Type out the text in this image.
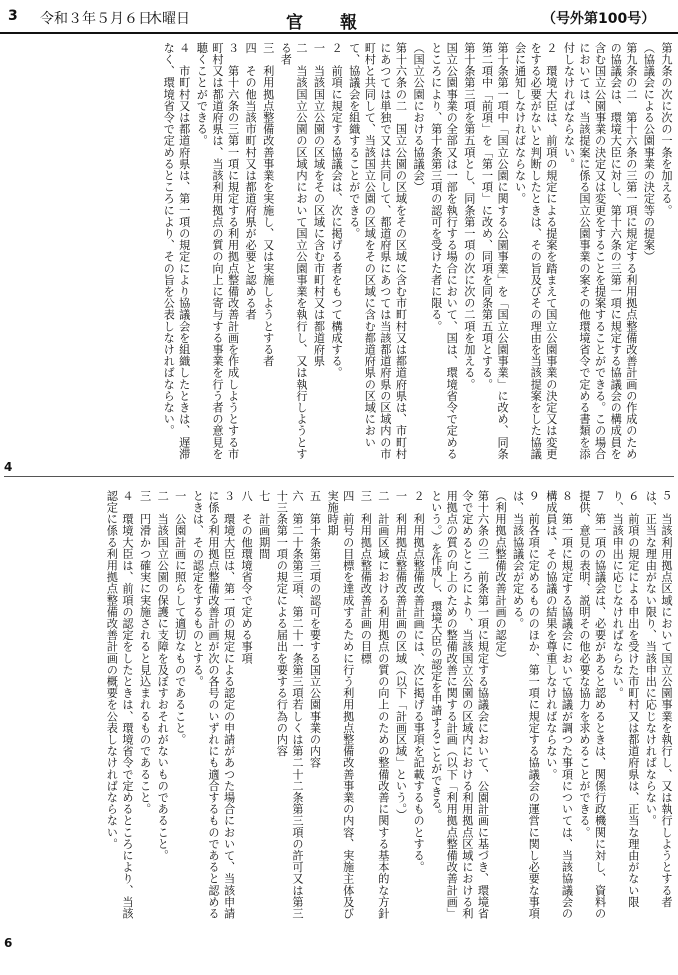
3 令和３年５月６日
木曜日	官　報	（号外第100号）
第九条の次に次の一条を加える。
（協議会による公園事業の決定等の提案）
第九条の二　第十六条の三第一項に規定する利用拠点整備改善計画の作成のための協議会は、環境大臣に対し、第十六条の三第一項に規定する協議会の構成員を含む国立公園事業の決定又は変更をすることを提案することができる。この場合においては、当該提案に係る国立公園事業の案その他環境省令で定める書類を添付しなければならない。
２　環境大臣は、前項の規定による提案を踏まえて国立公園事業の決定又は変更をする必要がないと判断したときは、その旨及びその理由を当該提案をした協議会に通知しなければならない。
第十条第一項中「国立公園に関する公園事業」を「国立公園事業」に改め、同条第二項中「前項」を「第一項」に改め、同項を同条第五項とする。
第十条第三項を第五項とし、同条第一項の次に次の二項を加える。
国立公園事業の全部又は一部を執行する場合において、国は、環境省令で定めるところにより、第十条第三項の認可を受けた者に限る。
（国立公園における協議会）
第十六条の二　国立公園の区域をその区域に含む市町村又は都道府県は、市町村にあつては単独で又は共同して、都道府県にあつては当該都道府県の区域内の市町村と共同して、当該国立公園の区域をその区域に含む都道府県の区域において、協議会を組織することができる。
２　前項に規定する協議会は、次に掲げる者をもつて構成する。
一　当該国立公園の区域をその区域に含む市町村又は都道府県
二　当該国立公園の区域内において国立公園事業を執行し、又は執行しようとする者
三　利用拠点整備改善事業を実施し、又は実施しようとする者
四　その他当該市町村又は都道府県が必要と認める者
３　第十六条の三第一項に規定する利用拠点整備改善計画を作成しようとする市町村又は都道府県は、当該利用拠点の質の向上に寄与する事業を行う者の意見を聴くことができる。
４　市町村又は都道府県は、第一項の規定により協議会を組織したときは、遅滞なく、環境省令で定めるところにより、その旨を公表しなければならない。
５　当該利用拠点区域において国立公園事業を執行し、又は執行しようとする者は、正当な理由がない限り、当該申出に応じなければならない。
６　前項の規定による申出を受けた市町村又は都道府県は、正当な理由がない限り、当該申出に応じなければならない。
７　第一項の協議会は、必要があると認めるときは、関係行政機関に対し、資料の提供、意見の表明、説明その他必要な協力を求めることができる。
８　第一項に規定する協議会において協議が調つた事項については、当該協議会の構成員は、その協議の結果を尊重しなければならない。
９　前各項に定めるもののほか、第一項に規定する協議会の運営に関し必要な事項は、当該協議会が定める。
（利用拠点整備改善計画の認定）
第十六条の三　前条第一項に規定する協議会において、公園計画に基づき、環境省令で定めるところにより、当該国立公園の区域内における利用拠点区域における利用拠点の質の向上のための整備改善に関する計画（以下「利用拠点整備改善計画」という。）を作成し、環境大臣の認定を申請することができる。
２　利用拠点整備改善計画には、次に掲げる事項を記載するものとする。
一　利用拠点整備改善計画の区域（以下「計画区域」という。）
二　計画区域における利用拠点の質の向上のための整備改善に関する基本的な方針
三　利用拠点整備改善計画の目標
四　前号の目標を達成するために行う利用拠点整備改善事業の内容、実施主体及び実施時期
五　第十条第三項の認可を要する国立公園事業の内容
六　第二十条第三項、第二十一条第三項若しくは第二十二条第三項の許可又は第三十三条第一項の規定による届出を要する行為の内容
七　計画期間
八　その他環境省令で定める事項
３　環境大臣は、第一項の規定による認定の申請があつた場合において、当該申請に係る利用拠点整備改善計画が次の各号のいずれにも適合するものであると認めるときは、その認定をするものとする。
一　公園計画に照らして適切なものであること。
二　当該国立公園の保護に支障を及ぼすおそれがないものであること。
三　円滑かつ確実に実施されると見込まれるものであること。
４　環境大臣は、前項の認定をしたときは、環境省令で定めるところにより、当該認定に係る利用拠点整備改善計画の概要を公表しなければならない。
4
6
